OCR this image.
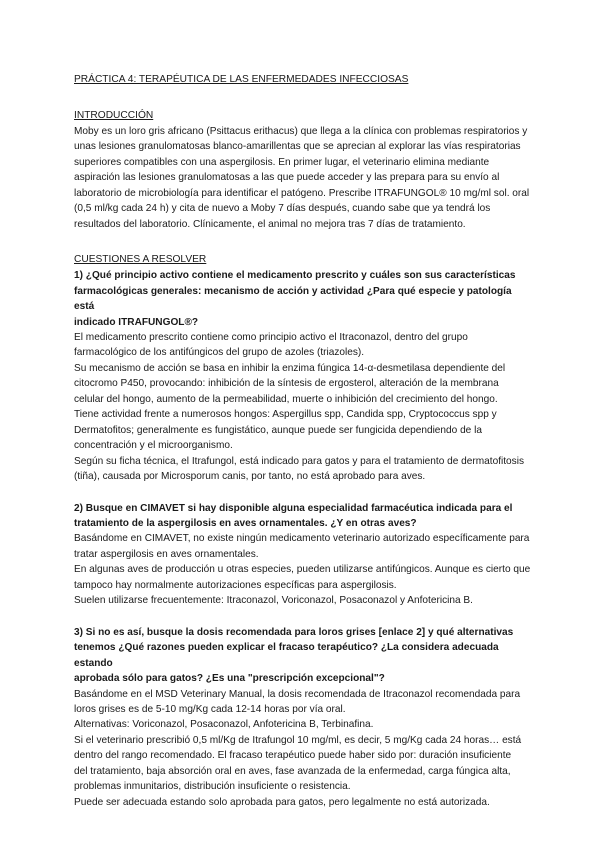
PRÁCTICA 4: TERAPÉUTICA DE LAS ENFERMEDADES INFECCIOSAS

INTRODUCCIÓN

Moby es un loro gris africano (Psittacus erithacus) que llega a la clínica con problemas respiratorios y
unas lesiones granulomatosas blanco-amarillentas que se aprecian al explorar las vías respiratorias
superiores compatibles con una aspergilosis. En primer lugar, el veterinario elimina mediante
aspiración las lesiones granulomatosas a las que puede acceder y las prepara para su envío al
laboratorio de microbiología para identificar el patógeno. Prescribe ITRAFUNGOL® 10 mg/ml sol. oral
(0,5 ml/kg cada 24 h) y cita de nuevo a Moby 7 días después, cuando sabe que ya tendrá los
resultados del laboratorio. Clínicamente, el animal no mejora tras 7 días de tratamiento.

CUESTIONES A RESOLVER

1) ¿Qué principio activo contiene el medicamento prescrito y cuáles son sus características
farmacológicas generales: mecanismo de acción y actividad ¿Para qué especie y patología está
indicado ITRAFUNGOL®?
El medicamento prescrito contiene como principio activo el Itraconazol, dentro del grupo
farmacológico de los antifúngicos del grupo de azoles (triazoles).
Su mecanismo de acción se basa en inhibir la enzima fúngica 14-α-desmetilasa dependiente del
citocromo P450, provocando: inhibición de la síntesis de ergosterol, alteración de la membrana
celular del hongo, aumento de la permeabilidad, muerte o inhibición del crecimiento del hongo.
Tiene actividad frente a numerosos hongos: Aspergillus spp, Candida spp, Cryptococcus spp y
Dermatofitos; generalmente es fungistático, aunque puede ser fungicida dependiendo de la
concentración y el microorganismo.
Según su ficha técnica, el Itrafungol, está indicado para gatos y para el tratamiento de dermatofitosis
(tiña), causada por Microsporum canis, por tanto, no está aprobado para aves.
2) Busque en CIMAVET si hay disponible alguna especialidad farmacéutica indicada para el
tratamiento de la aspergilosis en aves ornamentales. ¿Y en otras aves?
Basándome en CIMAVET, no existe ningún medicamento veterinario autorizado específicamente para
tratar aspergilosis en aves ornamentales.
En algunas aves de producción u otras especies, pueden utilizarse antifúngicos. Aunque es cierto que
tampoco hay normalmente autorizaciones específicas para aspergilosis.
Suelen utilizarse frecuentemente: Itraconazol, Voriconazol, Posaconazol y Anfotericina B.
3) Si no es así, busque la dosis recomendada para loros grises [enlace 2] y qué alternativas
tenemos ¿Qué razones pueden explicar el fracaso terapéutico? ¿La considera adecuada estando
aprobada sólo para gatos? ¿Es una "prescripción excepcional"?
Basándome en el MSD Veterinary Manual, la dosis recomendada de Itraconazol recomendada para
loros grises es de 5-10 mg/Kg cada 12-14 horas por vía oral.
Alternativas: Voriconazol, Posaconazol, Anfotericina B, Terbinafina.
Si el veterinario prescribió 0,5 ml/Kg de Itrafungol 10 mg/ml, es decir, 5 mg/Kg cada 24 horas… está
dentro del rango recomendado. El fracaso terapéutico puede haber sido por: duración insuficiente
del tratamiento, baja absorción oral en aves, fase avanzada de la enfermedad, carga fúngica alta,
problemas inmunitarios, distribución insuficiente o resistencia.
Puede ser adecuada estando solo aprobada para gatos, pero legalmente no está autorizada.
